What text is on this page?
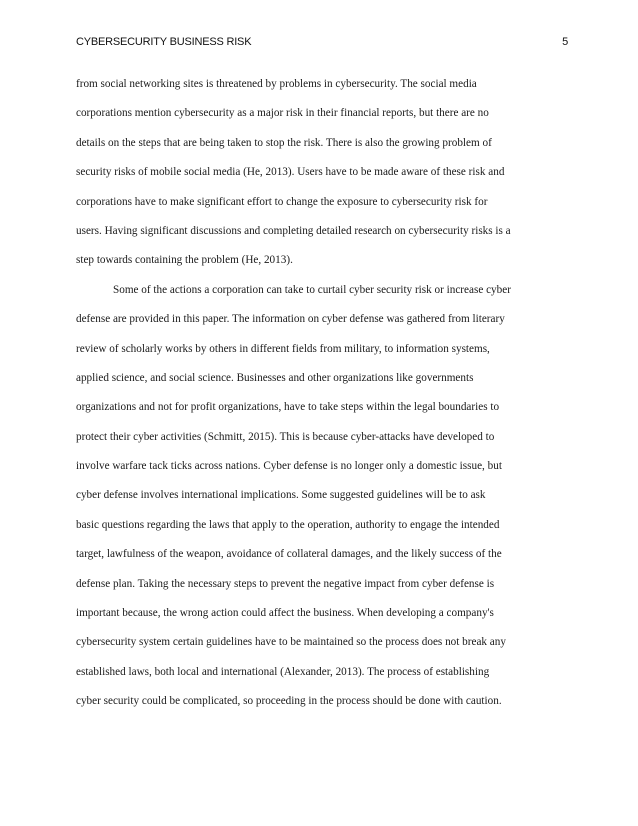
CYBERSECURITY BUSINESS RISK	5
from social networking sites is threatened by problems in cybersecurity. The social media
corporations mention cybersecurity as a major risk in their financial reports, but there are no
details on the steps that are being taken to stop the risk. There is also the growing problem of
security risks of mobile social media (He, 2013). Users have to be made aware of these risk and
corporations have to make significant effort to change the exposure to cybersecurity risk for
users. Having significant discussions and completing detailed research on cybersecurity risks is a
step towards containing the problem (He, 2013).
Some of the actions a corporation can take to curtail cyber security risk or increase cyber
defense are provided in this paper. The information on cyber defense was gathered from literary
review of scholarly works by others in different fields from military, to information systems,
applied science, and social science. Businesses and other organizations like governments
organizations and not for profit organizations, have to take steps within the legal boundaries to
protect their cyber activities (Schmitt, 2015). This is because cyber-attacks have developed to
involve warfare tack ticks across nations. Cyber defense is no longer only a domestic issue, but
cyber defense involves international implications. Some suggested guidelines will be to ask
basic questions regarding the laws that apply to the operation, authority to engage the intended
target, lawfulness of the weapon, avoidance of collateral damages, and the likely success of the
defense plan. Taking the necessary steps to prevent the negative impact from cyber defense is
important because, the wrong action could affect the business. When developing a company's
cybersecurity system certain guidelines have to be maintained so the process does not break any
established laws, both local and international (Alexander, 2013). The process of establishing
cyber security could be complicated, so proceeding in the process should be done with caution.
